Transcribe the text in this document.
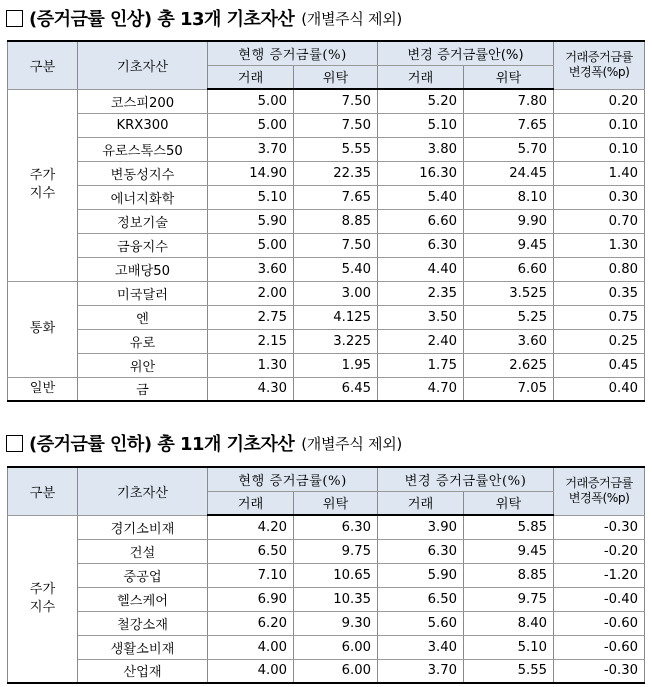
(증거금률 인상) 총 13개 기초자산 (개별주식 제외)
구분	기초자산	현행 증거금률(%)		변경 증거금률안(%)		거래증거금률
변경폭(%p)

		거래	위탁	거래	위탁	

주가
지수	코스피200	5.00	7.50	5.20	7.80	0.20
	KRX300	5.00	7.50	5.10	7.65	0.10
	유로스톡스50	3.70	5.55	3.80	5.70	0.10
	변동성지수	14.90	22.35	16.30	24.45	1.40
	에너지화학	5.10	7.65	5.40	8.10	0.30
	정보기술	5.90	8.85	6.60	9.90	0.70
	금융지수	5.00	7.50	6.30	9.45	1.30
	고배당50	3.60	5.40	4.40	6.60	0.80

통화	미국달러	2.00	3.00	2.35	3.525	0.35
	엔	2.75	4.125	3.50	5.25	0.75
	유로	2.15	3.225	2.40	3.60	0.25
	위안	1.30	1.95	1.75	2.625	0.45

일반	금	4.30	6.45	4.70	7.05	0.40
(증거금률 인하) 총 11개 기초자산 (개별주식 제외)
구분	기초자산	현행 증거금률(%)		변경 증거금률안(%)		거래증거금률
변경폭(%p)

		거래	위탁	거래	위탁	

주가
지수	경기소비재	4.20	6.30	3.90	5.85	-0.30
	건설	6.50	9.75	6.30	9.45	-0.20
	중공업	7.10	10.65	5.90	8.85	-1.20
	헬스케어	6.90	10.35	6.50	9.75	-0.40
	철강소재	6.20	9.30	5.60	8.40	-0.60
	생활소비재	4.00	6.00	3.40	5.10	-0.60
	산업재	4.00	6.00	3.70	5.55	-0.30
